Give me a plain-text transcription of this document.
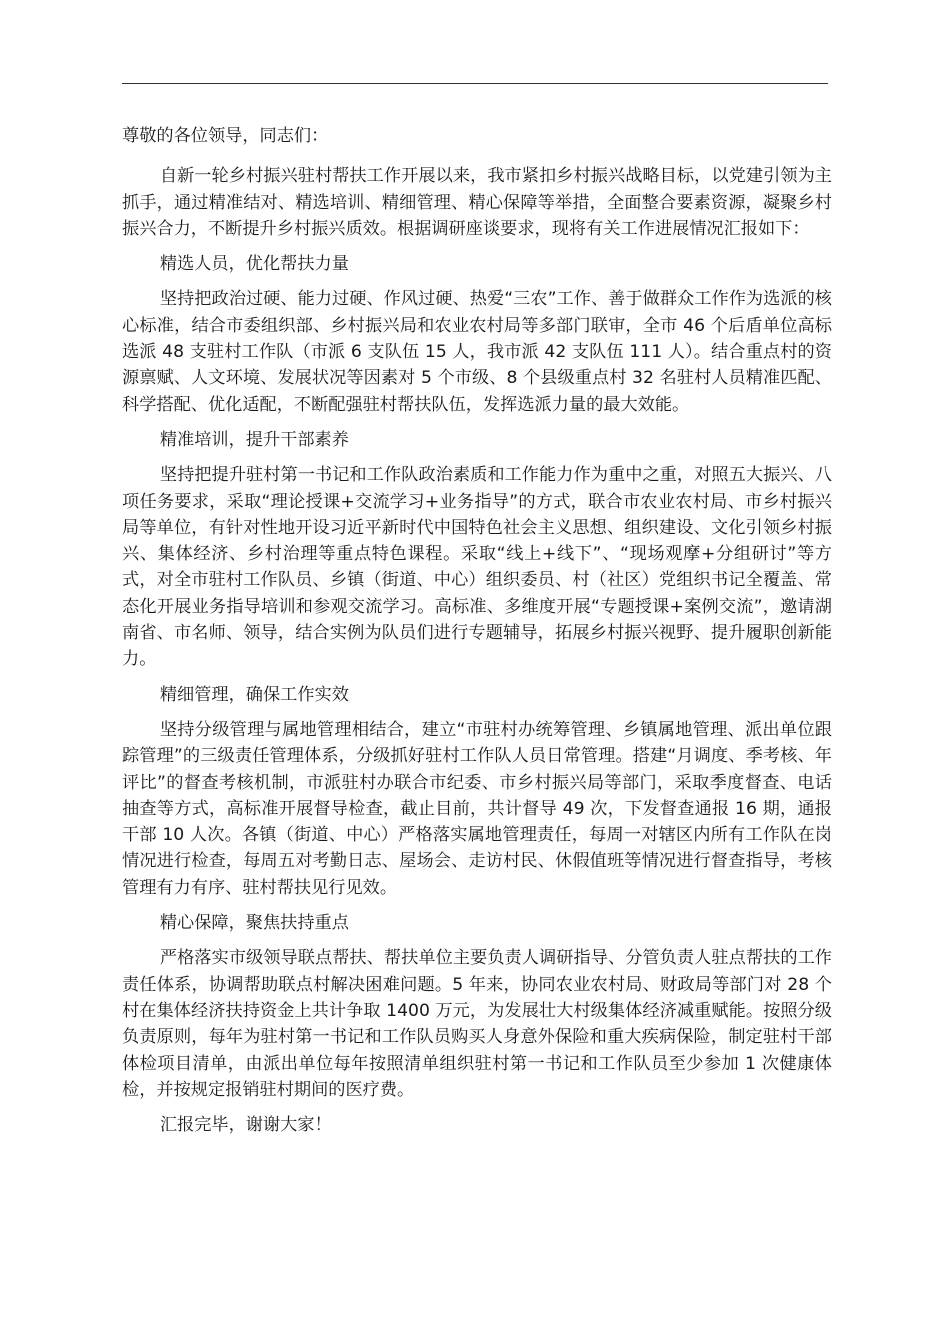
尊敬的各位领导，同志们：

自新一轮乡村振兴驻村帮扶工作开展以来，我市紧扣乡村振兴战略目标，以党建引领为主抓手，通过精准结对、精选培训、精细管理、精心保障等举措，全面整合要素资源，凝聚乡村振兴合力，不断提升乡村振兴质效。根据调研座谈要求，现将有关工作进展情况汇报如下：

精选人员，优化帮扶力量

坚持把政治过硬、能力过硬、作风过硬、热爱“三农”工作、善于做群众工作作为选派的核心标准，结合市委组织部、乡村振兴局和农业农村局等多部门联审，全市 46 个后盾单位高标选派 48 支驻村工作队（市派 6 支队伍 15 人，我市派 42 支队伍 111 人）。结合重点村的资源禀赋、人文环境、发展状况等因素对 5 个市级、8 个县级重点村 32 名驻村人员精准匹配、科学搭配、优化适配，不断配强驻村帮扶队伍，发挥选派力量的最大效能。

精准培训，提升干部素养

坚持把提升驻村第一书记和工作队政治素质和工作能力作为重中之重，对照五大振兴、八项任务要求，采取“理论授课+交流学习+业务指导”的方式，联合市农业农村局、市乡村振兴局等单位，有针对性地开设习近平新时代中国特色社会主义思想、组织建设、文化引领乡村振兴、集体经济、乡村治理等重点特色课程。采取“线上+线下”、“现场观摩+分组研讨”等方式，对全市驻村工作队员、乡镇（街道、中心）组织委员、村（社区）党组织书记全覆盖、常态化开展业务指导培训和参观交流学习。高标准、多维度开展“专题授课+案例交流”，邀请湖南省、市名师、领导，结合实例为队员们进行专题辅导，拓展乡村振兴视野、提升履职创新能力。

精细管理，确保工作实效

坚持分级管理与属地管理相结合，建立“市驻村办统筹管理、乡镇属地管理、派出单位跟踪管理”的三级责任管理体系，分级抓好驻村工作队人员日常管理。搭建“月调度、季考核、年评比”的督查考核机制，市派驻村办联合市纪委、市乡村振兴局等部门，采取季度督查、电话抽查等方式，高标准开展督导检查，截止目前，共计督导 49 次，下发督查通报 16 期，通报干部 10 人次。各镇（街道、中心）严格落实属地管理责任，每周一对辖区内所有工作队在岗情况进行检查，每周五对考勤日志、屋场会、走访村民、休假值班等情况进行督查指导，考核管理有力有序、驻村帮扶见行见效。

精心保障，聚焦扶持重点

严格落实市级领导联点帮扶、帮扶单位主要负责人调研指导、分管负责人驻点帮扶的工作责任体系，协调帮助联点村解决困难问题。5 年来，协同农业农村局、财政局等部门对 28 个村在集体经济扶持资金上共计争取 1400 万元，为发展壮大村级集体经济减重赋能。按照分级负责原则，每年为驻村第一书记和工作队员购买人身意外保险和重大疾病保险，制定驻村干部体检项目清单，由派出单位每年按照清单组织驻村第一书记和工作队员至少参加 1 次健康体检，并按规定报销驻村期间的医疗费。

汇报完毕，谢谢大家！
